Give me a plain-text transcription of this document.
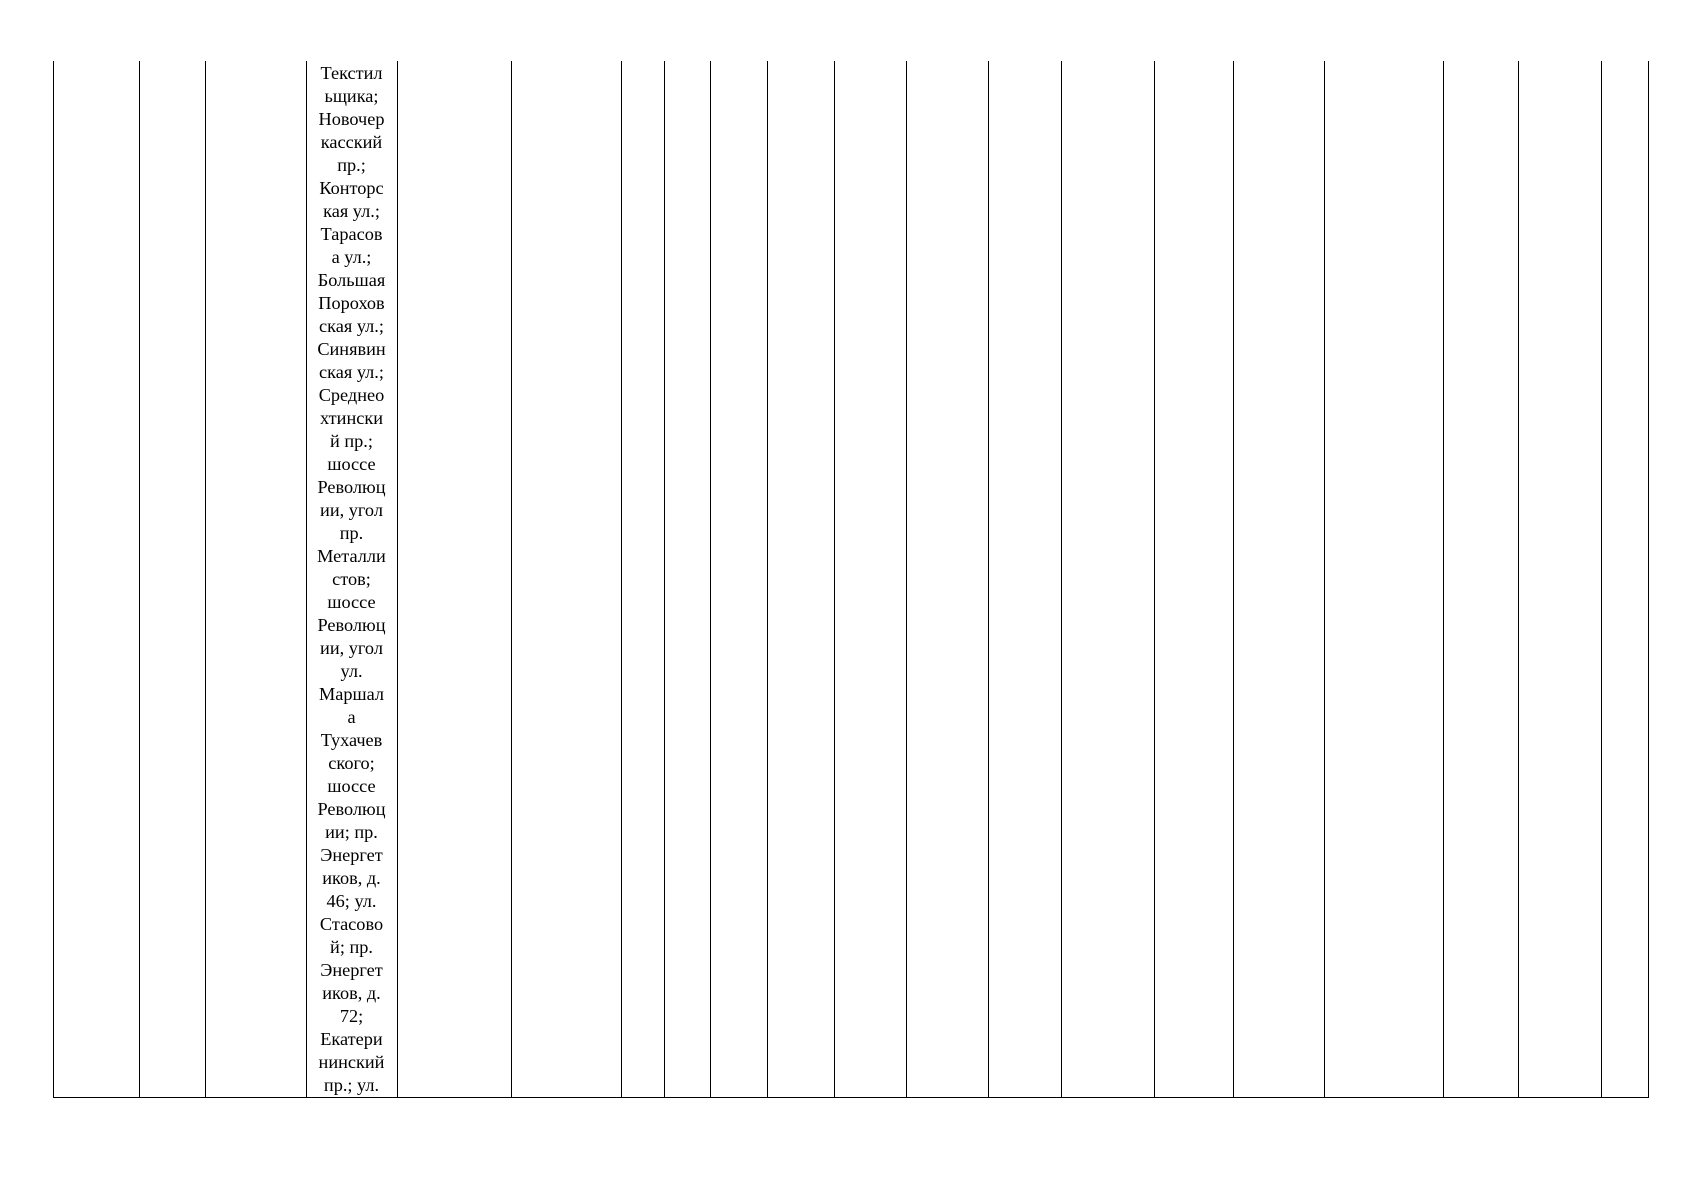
Текстил
ьщика;
Новочер
касский
пр.;
Конторс
кая ул.;
Тарасов
а ул.;
Большая
Порохов
ская ул.;
Синявин
ская ул.;
Среднео
хтински
й пр.;
шоссе
Революц
ии, угол
пр.
Металли
стов;
шоссе
Революц
ии, угол
ул.
Маршал
а
Тухачев
ского;
шоссе
Революц
ии; пр.
Энергет
иков, д.
46; ул.
Стасово
й; пр.
Энергет
иков, д.
72;
Екатери
нинский
пр.; ул.
